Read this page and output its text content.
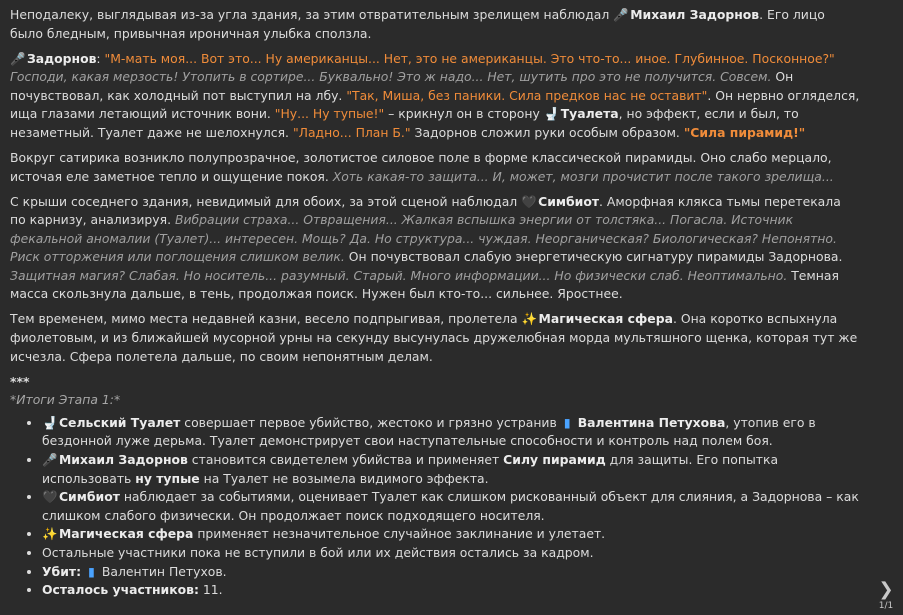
Неподалеку, выглядывая из-за угла здания, за этим отвратительным зрелищем наблюдал 🎤 Михаил Задорнов. Его лицо было бледным, привычная ироничная улыбка сползла.

🎤 Задорнов: "М-мать моя... Вот это... Ну американцы... Нет, это не американцы. Это что-то... иное. Глубинное. Посконное?" Господи, какая мерзость! Утопить в сортире... Буквально! Это ж надо... Нет, шутить про это не получится. Совсем. Он почувствовал, как холодный пот выступил на лбу. "Так, Миша, без паники. Сила предков нас не оставит". Он нервно огляделся, ища глазами летающий источник вони. "Ну... Ну тупые!" – крикнул он в сторону 🚽 Туалета, но эффект, если и был, то незаметный. Туалет даже не шелохнулся. "Ладно... План Б." Задорнов сложил руки особым образом. "Сила пирамид!"

Вокруг сатирика возникло полупрозрачное, золотистое силовое поле в форме классической пирамиды. Оно слабо мерцало, источая еле заметное тепло и ощущение покоя. Хоть какая-то защита... И, может, мозги прочистит после такого зрелища...

С крыши соседнего здания, невидимый для обоих, за этой сценой наблюдал 🖤 Симбиот. Аморфная клякса тьмы перетекала по карнизу, анализируя. Вибрации страха... Отвращения... Жалкая вспышка энергии от толстяка... Погасла. Источник фекальной аномалии (Туалет)... интересен. Мощь? Да. Но структура... чуждая. Неорганическая? Биологическая? Непонятно. Риск отторжения или поглощения слишком велик. Он почувствовал слабую энергетическую сигнатуру пирамиды Задорнова. Защитная магия? Слабая. Но носитель... разумный. Старый. Много информации... Но физически слаб. Неоптимально. Темная масса скользнула дальше, в тень, продолжая поиск. Нужен был кто-то... сильнее. Яростнее.

Тем временем, мимо места недавней казни, весело подпрыгивая, пролетела ✨ Магическая сфера. Она коротко вспыхнула фиолетовым, и из ближайшей мусорной урны на секунду высунулась дружелюбная морда мультяшного щенка, которая тут же исчезла. Сфера полетела дальше, по своим непонятным делам.

***
*Итоги Этапа 1:*
• 🚽 Сельский Туалет совершает первое убийство, жестоко и грязно устранив ▮ Валентина Петухова, утопив его в бездонной луже дерьма. Туалет демонстрирует свои наступательные способности и контроль над полем боя.
• 🎤 Михаил Задорнов становится свидетелем убийства и применяет Силу пирамид для защиты. Его попытка использовать ну тупые на Туалет не возымела видимого эффекта.
• 🖤 Симбиот наблюдает за событиями, оценивает Туалет как слишком рискованный объект для слияния, а Задорнова – как слишком слабого физически. Он продолжает поиск подходящего носителя.
• ✨ Магическая сфера применяет незначительное случайное заклинание и улетает.
• Остальные участники пока не вступили в бой или их действия остались за кадром.
• Убит: ▮ Валентин Петухов.
• Осталось участников: 11.	❯
1/1
